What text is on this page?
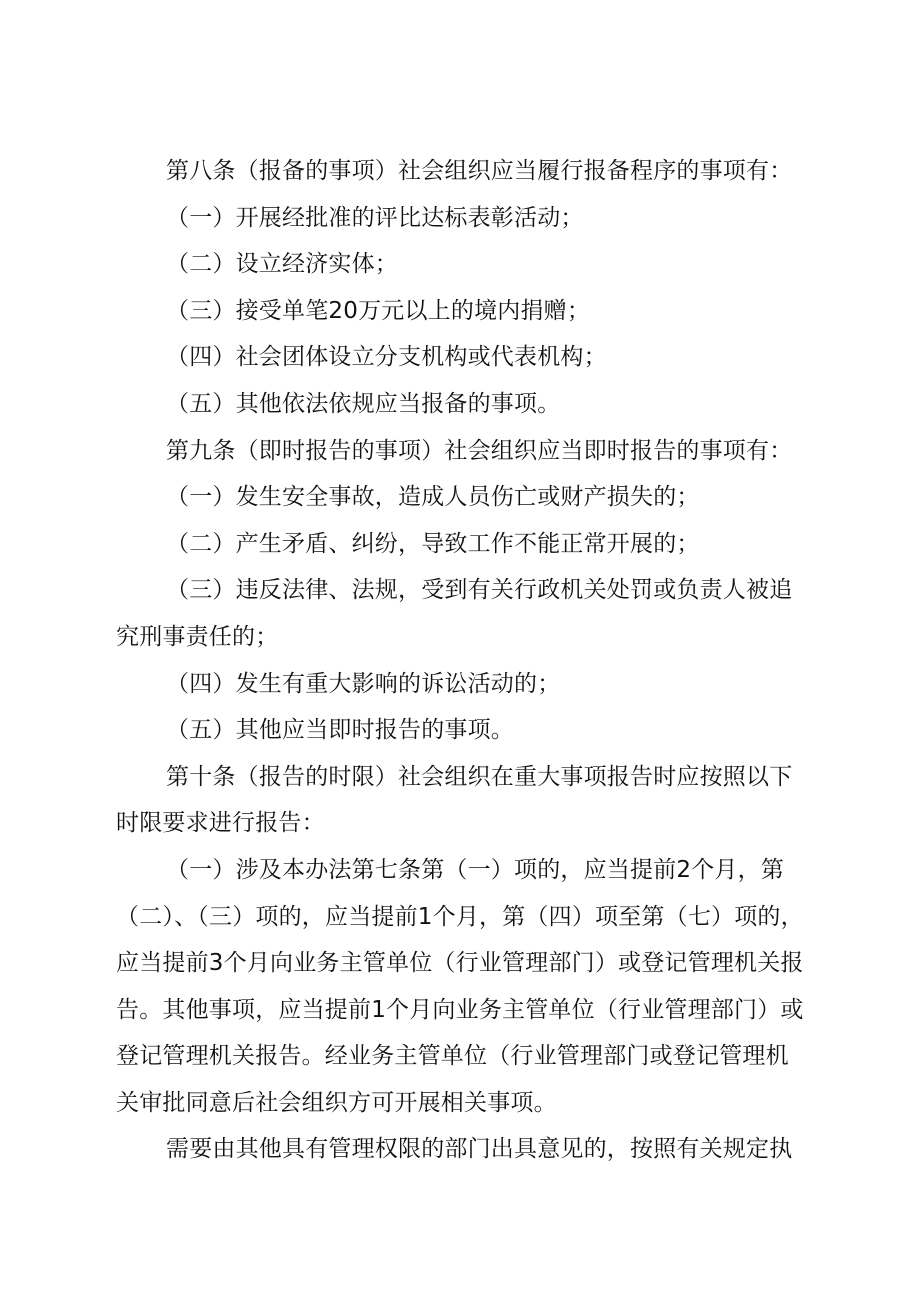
第八条（报备的事项）社会组织应当履行报备程序的事项有：

（一）开展经批准的评比达标表彰活动；

（二）设立经济实体；

（三）接受单笔20万元以上的境内捐赠；

（四）社会团体设立分支机构或代表机构；

（五）其他依法依规应当报备的事项。

第九条（即时报告的事项）社会组织应当即时报告的事项有：

（一）发生安全事故，造成人员伤亡或财产损失的；

（二）产生矛盾、纠纷，导致工作不能正常开展的；

（三）违反法律、法规，受到有关行政机关处罚或负责人被追究刑事责任的；

（四）发生有重大影响的诉讼活动的；

（五）其他应当即时报告的事项。

第十条（报告的时限）社会组织在重大事项报告时应按照以下时限要求进行报告：

（一）涉及本办法第七条第（一）项的，应当提前2个月，第（二）、（三）项的，应当提前1个月，第（四）项至第（七）项的，应当提前3个月向业务主管单位（行业管理部门）或登记管理机关报告。其他事项，应当提前1个月向业务主管单位（行业管理部门）或登记管理机关报告。经业务主管单位（行业管理部门或登记管理机关审批同意后社会组织方可开展相关事项。

需要由其他具有管理权限的部门出具意见的，按照有关规定执
